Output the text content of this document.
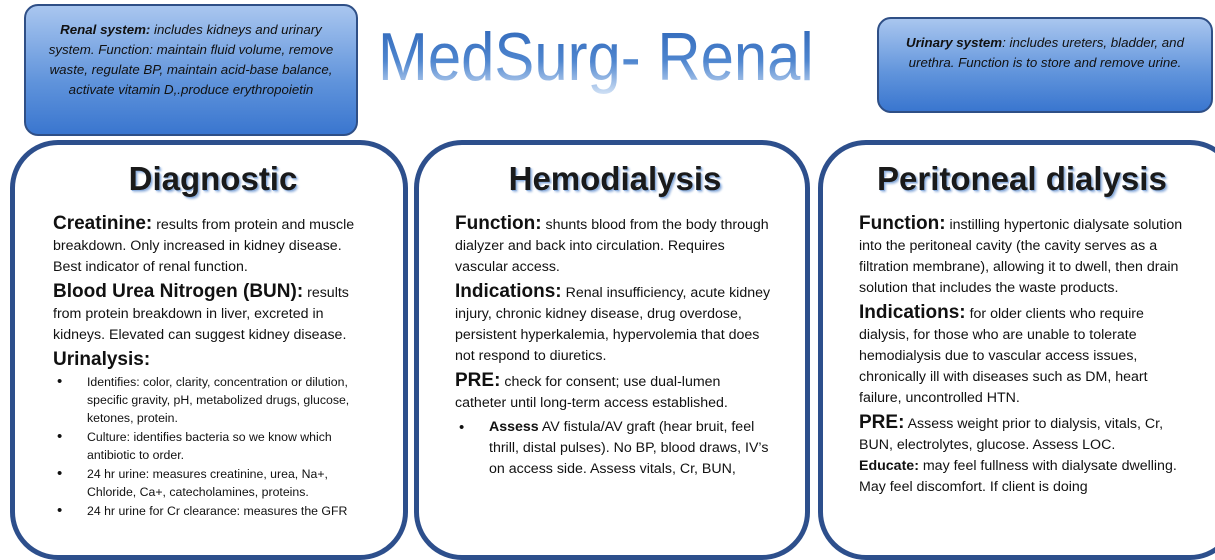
Renal system: includes kidneys and urinary system. Function: maintain fluid volume, remove waste, regulate BP, maintain acid-base balance, activate vitamin D,.produce erythropoietin MedSurg- Renal	Urinary system: includes ureters, bladder, and urethra. Function is to store and remove urine.
Diagnostic

Creatinine: results from protein and muscle breakdown. Only increased in kidney disease. Best indicator of renal function.

Blood Urea Nitrogen (BUN): results from protein breakdown in liver, excreted in kidneys. Elevated can suggest kidney disease.

Urinalysis:

• Identifies: color, clarity, concentration or dilution, specific gravity, pH, metabolized drugs, glucose, ketones, protein.
• Culture: identifies bacteria so we know which antibiotic to order.
• 24 hr urine: measures creatinine, urea, Na+, Chloride, Ca+, catecholamines, proteins.
• 24 hr urine for Cr clearance: measures the GFR
Hemodialysis

Function: shunts blood from the body through dialyzer and back into circulation. Requires vascular access.

Indications: Renal insufficiency, acute kidney injury, chronic kidney disease, drug overdose, persistent hyperkalemia, hypervolemia that does not respond to diuretics.

PRE: check for consent; use dual-lumen catheter until long-term access established.

• Assess AV fistula/AV graft (hear bruit, feel thrill, distal pulses). No BP, blood draws, IV’s on access side. Assess vitals, Cr, BUN,
Peritoneal dialysis

Function: instilling hypertonic dialysate solution into the peritoneal cavity (the cavity serves as a filtration membrane), allowing it to dwell, then drain solution that includes the waste products.

Indications: for older clients who require dialysis, for those who are unable to tolerate hemodialysis due to vascular access issues, chronically ill with diseases such as DM, heart failure, uncontrolled HTN.

PRE: Assess weight prior to dialysis, vitals, Cr, BUN, electrolytes, glucose. Assess LOC.
Educate: may feel fullness with dialysate dwelling. May feel discomfort. If client is doing
